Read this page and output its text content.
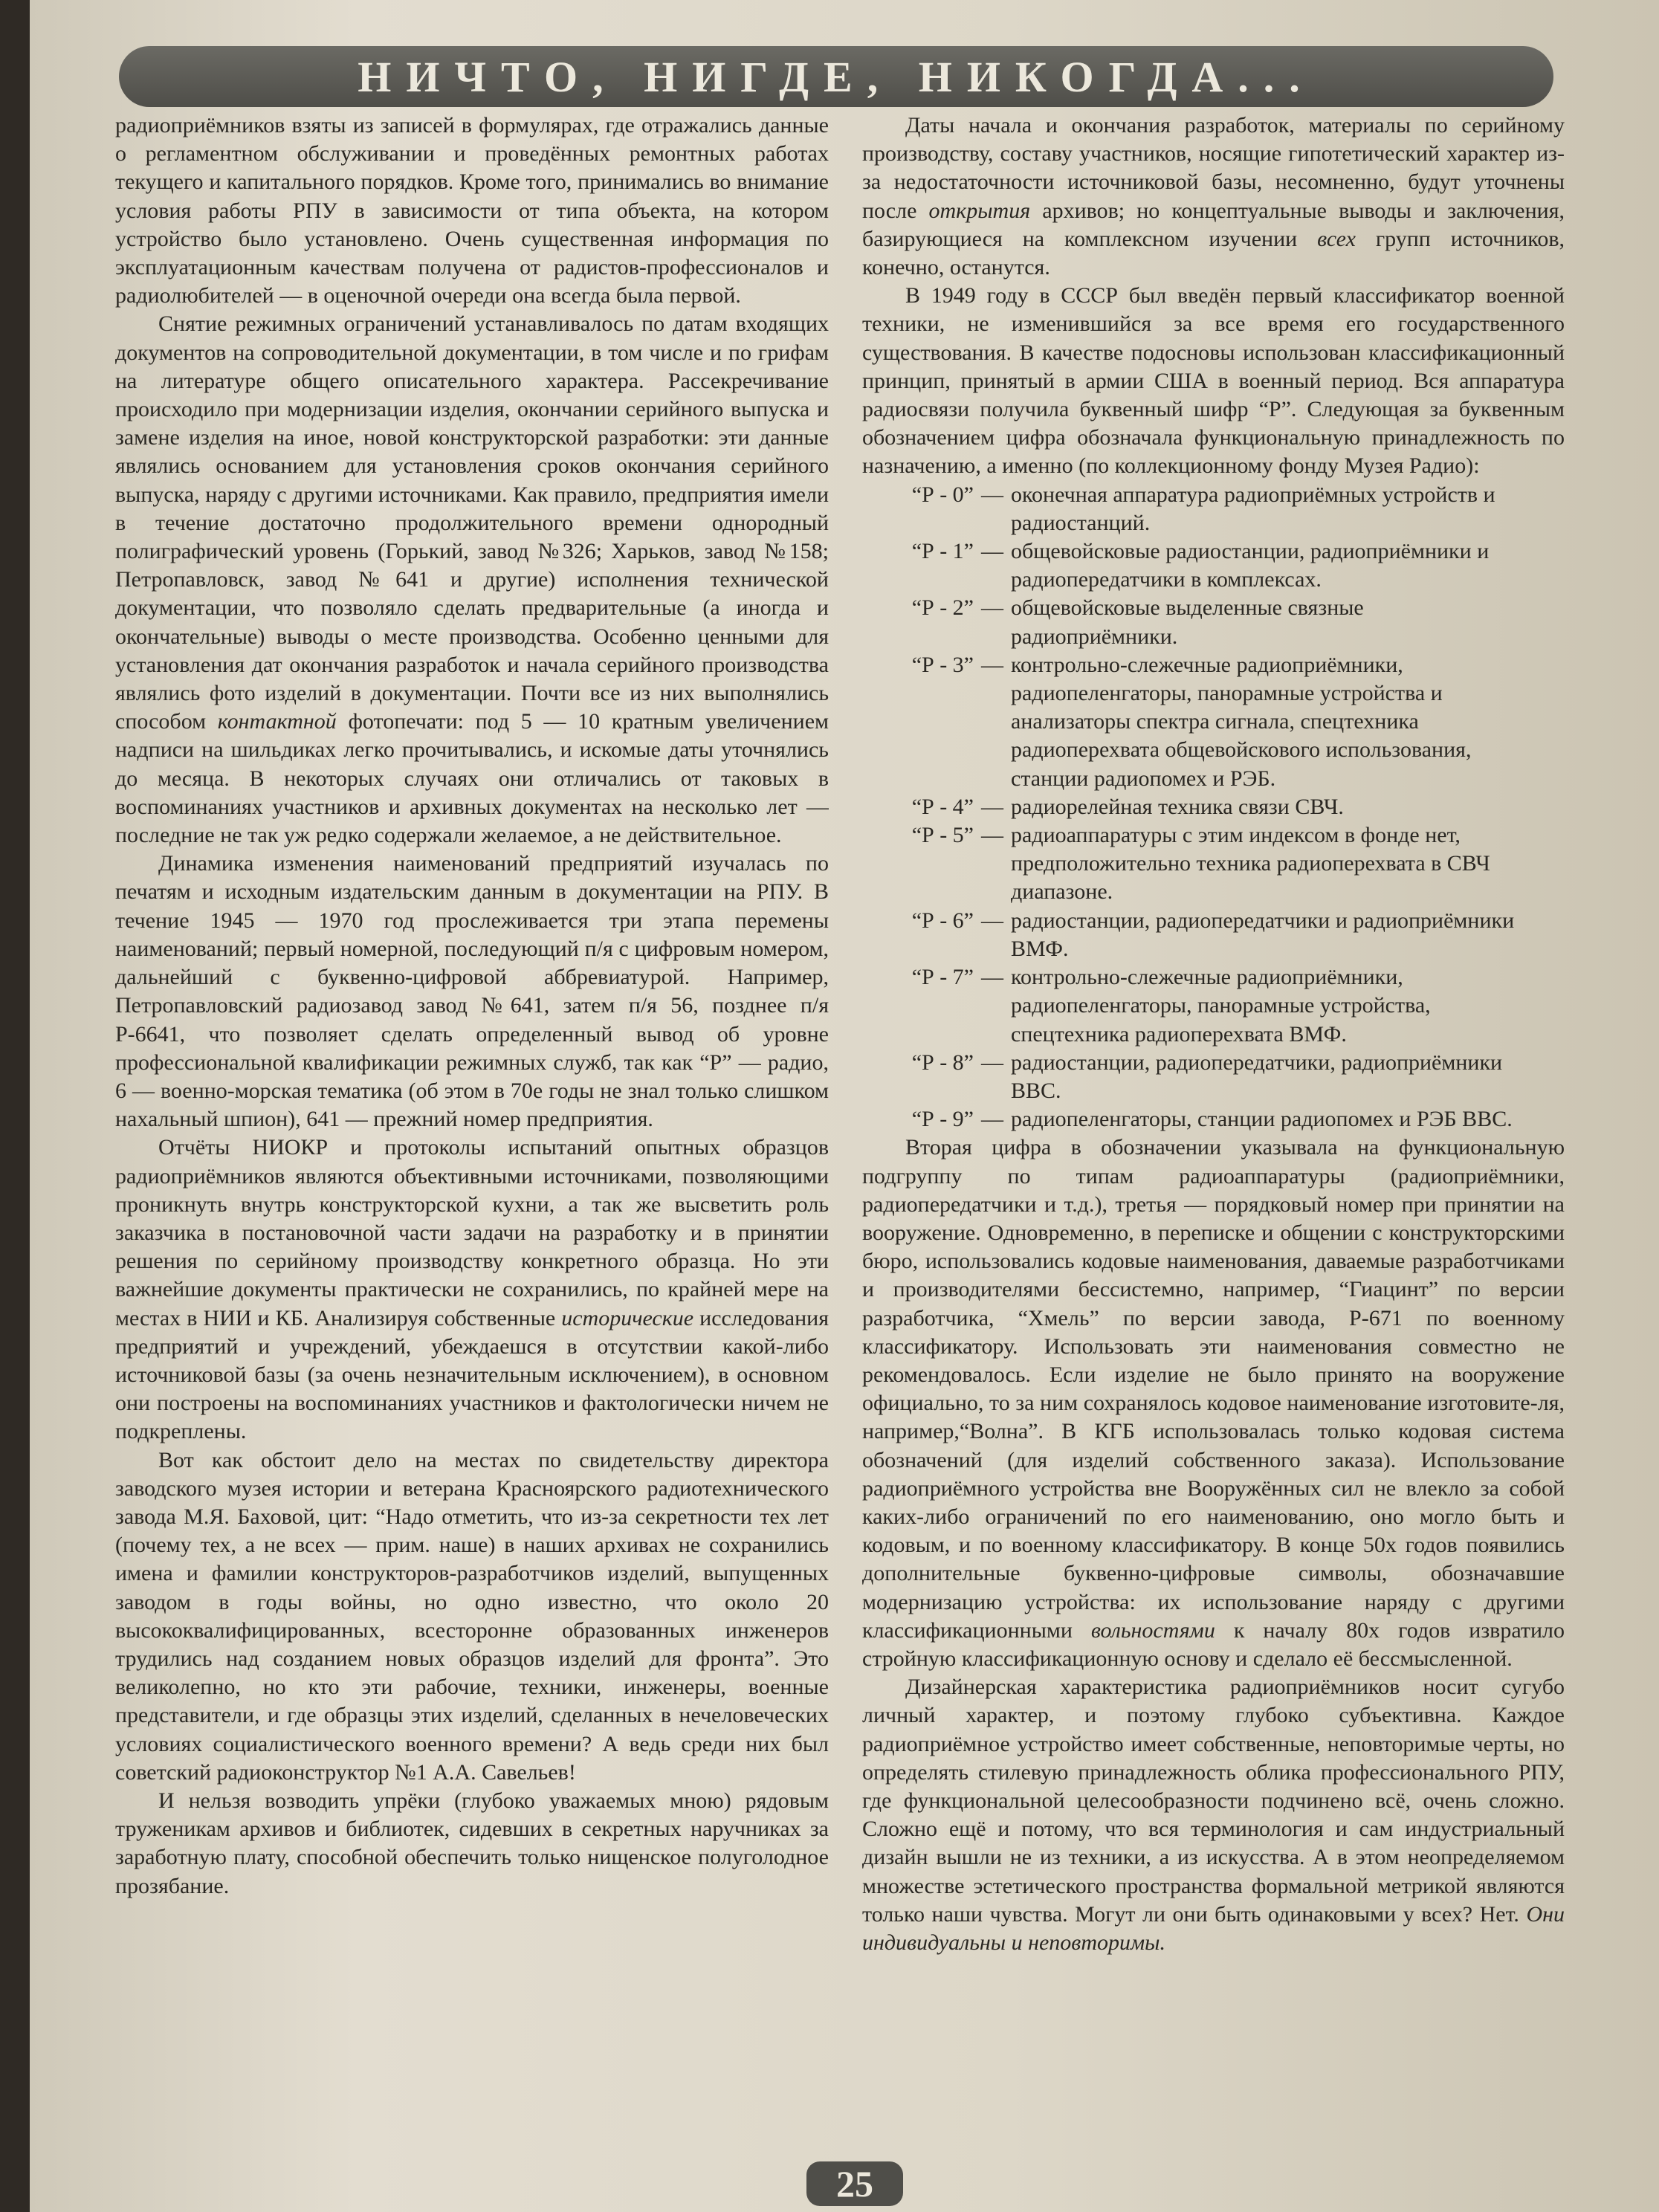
НИЧТО, НИГДЕ, НИКОГДА...

радиоприёмников взяты из записей в формулярах, где отражались данные о регламентном обслуживании и проведённых ремонтных работах текущего и капитального порядков. Кроме того, принимались во внимание условия работы РПУ в зависимости от типа объекта, на котором устройство было установлено. Очень существенная информация по эксплуатационным качествам получена от радистов-профессионалов и радиолюбителей — в оценочной очереди она всегда была первой.

Снятие режимных ограничений устанавливалось по датам входящих документов на сопроводительной документации, в том числе и по грифам на литературе общего описательного характера. Рассекречивание происходило при модернизации изделия, окончании серийного выпуска и замене изделия на иное, новой конструкторской разработки: эти данные являлись основанием для установления сроков окончания серийного выпуска, наряду с другими источниками. Как правило, предприятия имели в течение достаточно продолжительного времени однородный полиграфический уровень (Горький, завод №326; Харьков, завод №158; Петропавловск, завод №641 и другие) исполнения технической документации, что позволяло сделать предварительные (а иногда и окончательные) выводы о месте производства. Особенно ценными для установления дат окончания разработок и начала серийного производства являлись фото изделий в документации. Почти все из них выполнялись способом контактной фотопечати: под 5 — 10 кратным увеличением надписи на шильдиках легко прочитывались, и искомые даты уточнялись до месяца. В некоторых случаях они отличались от таковых в воспоминаниях участников и архивных документах на несколько лет — последние не так уж редко содержали желаемое, а не действительное.

Динамика изменения наименований предприятий изучалась по печатям и исходным издательским данным в документации на РПУ. В течение 1945 — 1970 год прослеживается три этапа перемены наименований; первый номерной, последующий п/я с цифровым номером, дальнейший с буквенно-цифровой аббревиатурой. Например, Петропавловский радиозавод завод №641, затем п/я 56, позднее п/я Р-6641, что позволяет сделать определенный вывод об уровне профессиональной квалификации режимных служб, так как “Р” — радио, 6 — военно-морская тематика (об этом в 70е годы не знал только слишком нахальный шпион), 641 — прежний номер предприятия.

Отчёты НИОКР и протоколы испытаний опытных образцов радиоприёмников являются объективными источниками, позволяющими проникнуть внутрь конструкторской кухни, а так же высветить роль заказчика в постановочной части задачи на разработку и в принятии решения по серийному производству конкретного образца. Но эти важнейшие документы практически не сохранились, по крайней мере на местах в НИИ и КБ. Анализируя собственные исторические исследования предприятий и учреждений, убеждаешся в отсутствии какой-либо источниковой базы (за очень незначительным исключением), в основном они построены на воспоминаниях участников и фактологически ничем не подкреплены.

Вот как обстоит дело на местах по свидетельству директора заводского музея истории и ветерана Красноярского радиотехнического завода М.Я. Баховой, цит: “Надо отметить, что из-за секретности тех лет (почему тех, а не всех — прим. наше) в наших архивах не сохранились имена и фамилии конструкторов-разработчиков изделий, выпущенных заводом в годы войны, но одно известно, что около 20 высококвалифицированных, всесторонне образованных инженеров трудились над созданием новых образцов изделий для фронта”. Это великолепно, но кто эти рабочие, техники, инженеры, военные представители, и где образцы этих изделий, сделанных в нечеловеческих условиях социалистического военного времени? А ведь среди них был советский радиоконструктор №1 А.А. Савельев!

И нельзя возводить упрёки (глубоко уважаемых мною) рядовым труженикам архивов и библиотек, сидевших в секретных наручниках за заработную плату, способной обеспечить только нищенское полуголодное прозябание.

Даты начала и окончания разработок, материалы по серийному производству, составу участников, носящие гипотетический характер из-за недостаточности источниковой базы, несомненно, будут уточнены после открытия архивов; но концептуальные выводы и заключения, базирующиеся на комплексном изучении всех групп источников, конечно, останутся.

В 1949 году в СССР был введён первый классификатор военной техники, не изменившийся за все время его государственного существования. В качестве подосновы использован классификационный принцип, принятый в армии США в военный период. Вся аппаратура радиосвязи получила буквенный шифр “Р”. Следующая за буквенным обозначением цифра обозначала функциональную принадлежность по назначению, а именно (по коллекционному фонду Музея Радио):

“Р - 0” — оконечная аппаратура радиоприёмных устройств и радиостанций.
“Р - 1” — общевойсковые радиостанции, радиоприёмники и радиопередатчики в комплексах.
“Р - 2” — общевойсковые выделенные связные радиоприёмники.
“Р - 3” — контрольно-слежечные радиоприёмники, радиопеленгаторы, панорамные устройства и анализаторы спектра сигнала, спецтехника радиоперехвата общевойскового использования, станции радиопомех и РЭБ.
“Р - 4” — радиорелейная техника связи СВЧ.
“Р - 5” — радиоаппаратуры с этим индексом в фонде нет, предположительно техника радиоперехвата в СВЧ диапазоне.
“Р - 6” — радиостанции, радиопередатчики и радиоприёмники ВМФ.
“Р - 7” — контрольно-слежечные радиоприёмники, радиопеленгаторы, панорамные устройства, спецтехника радиоперехвата ВМФ.
“Р - 8” — радиостанции, радиопередатчики, радиоприёмники ВВС.
“Р - 9” — радиопеленгаторы, станции радиопомех и РЭБ ВВС.

Вторая цифра в обозначении указывала на функциональную подгруппу по типам радиоаппаратуры (радиоприёмники, радиопередатчики и т.д.), третья — порядковый номер при принятии на вооружение. Одновременно, в переписке и общении с конструкторскими бюро, использовались кодовые наименования, даваемые разработчиками и производителями бессистемно, например, “Гиацинт” по версии разработчика, “Хмель” по версии завода, Р-671 по военному классификатору. Использовать эти наименования совместно не рекомендовалось. Если изделие не было принято на вооружение официально, то за ним сохранялось кодовое наименование изготовите-ля, например,“Волна”. В КГБ использовалась только кодовая система обозначений (для изделий собственного заказа). Использование радиоприёмного устройства вне Вооружённых сил не влекло за собой каких-либо ограничений по его наименованию, оно могло быть и кодовым, и по военному классификатору. В конце 50х годов появились дополнительные буквенно-цифровые символы, обозначавшие модернизацию устройства: их использование наряду с другими классификационными вольностями к началу 80х годов извратило стройную классификационную основу и сделало её бессмысленной.

Дизайнерская характеристика радиоприёмников носит сугубо личный характер, и поэтому глубоко субъективна. Каждое радиоприёмное устройство имеет собственные, неповторимые черты, но определять стилевую принадлежность облика профессионального РПУ, где функциональной целесообразности подчинено всё, очень сложно. Сложно ещё и потому, что вся терминология и сам индустриальный дизайн вышли не из техники, а из искусства. А в этом неопределяемом множестве эстетического пространства формальной метрикой являются только наши чувства. Могут ли они быть одинаковыми у всех? Нет. Они индивидуальны и неповторимы.

25
